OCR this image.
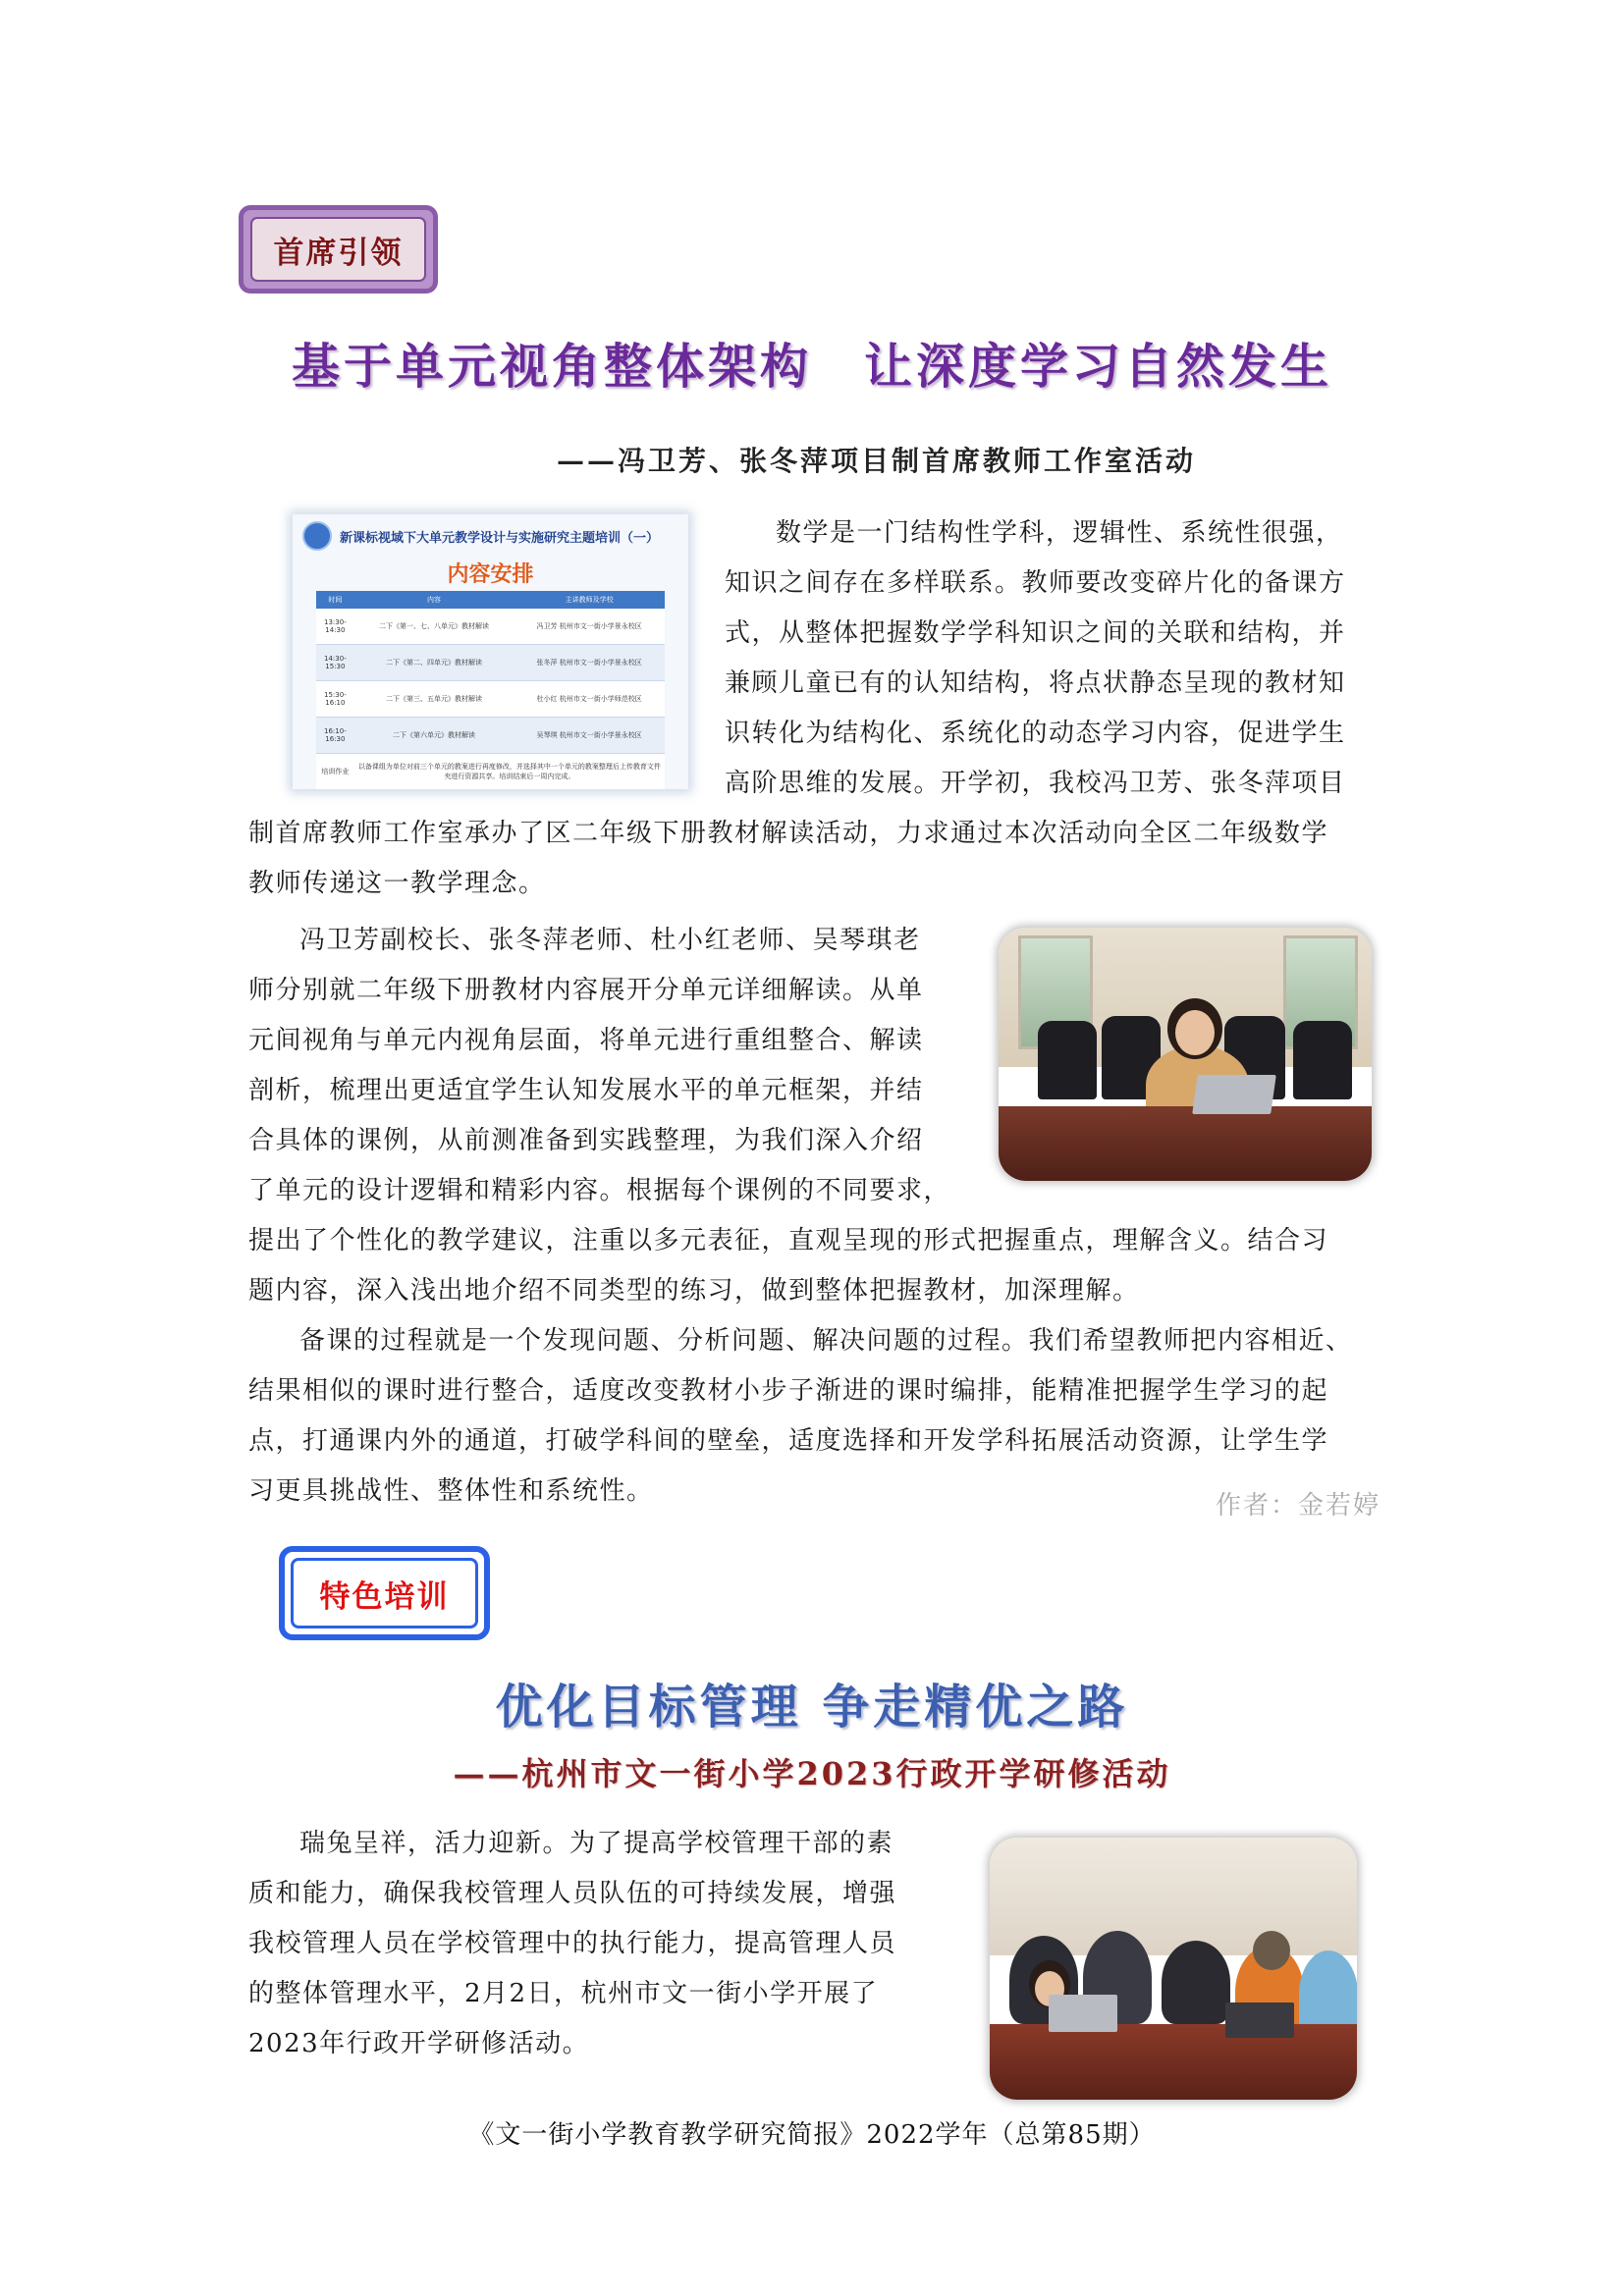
首席引领
基于单元视角整体架构　让深度学习自然发生
——冯卫芳、张冬萍项目制首席教师工作室活动
新课标视域下大单元教学设计与实施研究主题培训（一）
内容安排
时间	内容	主讲教师及学校
13:30-14:30	二下《第一、七、八单元》教材解读	冯卫芳 杭州市文一街小学景永校区
14:30-15:30	二下《第二、四单元》教材解读	张冬萍 杭州市文一街小学景永校区
15:30-16:10	二下《第三、五单元》教材解读	杜小红 杭州市文一街小学师范校区
16:10-16:30	二下《第六单元》教材解读	吴琴琪 杭州市文一街小学景永校区
培训作业	以备课组为单位对前三个单元的教案进行再度修改，并选择其中一个单元的教案整理后上传教育文件夹进行资源共享。培训结束后一周内完成。	
数学是一门结构性学科，逻辑性、系统性很强，
知识之间存在多样联系。教师要改变碎片化的备课方
式，从整体把握数学学科知识之间的关联和结构，并
兼顾儿童已有的认知结构，将点状静态呈现的教材知
识转化为结构化、系统化的动态学习内容，促进学生
高阶思维的发展。开学初，我校冯卫芳、张冬萍项目
制首席教师工作室承办了区二年级下册教材解读活动，力求通过本次活动向全区二年级数学
教师传递这一教学理念。
冯卫芳副校长、张冬萍老师、杜小红老师、吴琴琪老
师分别就二年级下册教材内容展开分单元详细解读。从单
元间视角与单元内视角层面，将单元进行重组整合、解读
剖析，梳理出更适宜学生认知发展水平的单元框架，并结
合具体的课例，从前测准备到实践整理，为我们深入介绍
了单元的设计逻辑和精彩内容。根据每个课例的不同要求，
提出了个性化的教学建议，注重以多元表征，直观呈现的形式把握重点，理解含义。结合习
题内容，深入浅出地介绍不同类型的练习，做到整体把握教材，加深理解。
备课的过程就是一个发现问题、分析问题、解决问题的过程。我们希望教师把内容相近、
结果相似的课时进行整合，适度改变教材小步子渐进的课时编排，能精准把握学生学习的起
点，打通课内外的通道，打破学科间的壁垒，适度选择和开发学科拓展活动资源，让学生学
习更具挑战性、整体性和系统性。	作者：金若婷
特色培训
优化目标管理 争走精优之路
——杭州市文一街小学2023行政开学研修活动
瑞兔呈祥，活力迎新。为了提高学校管理干部的素
质和能力，确保我校管理人员队伍的可持续发展，增强
我校管理人员在学校管理中的执行能力，提高管理人员
的整体管理水平，2月2日，杭州市文一街小学开展了
2023年行政开学研修活动。
《文一街小学教育教学研究简报》2022学年（总第85期）
